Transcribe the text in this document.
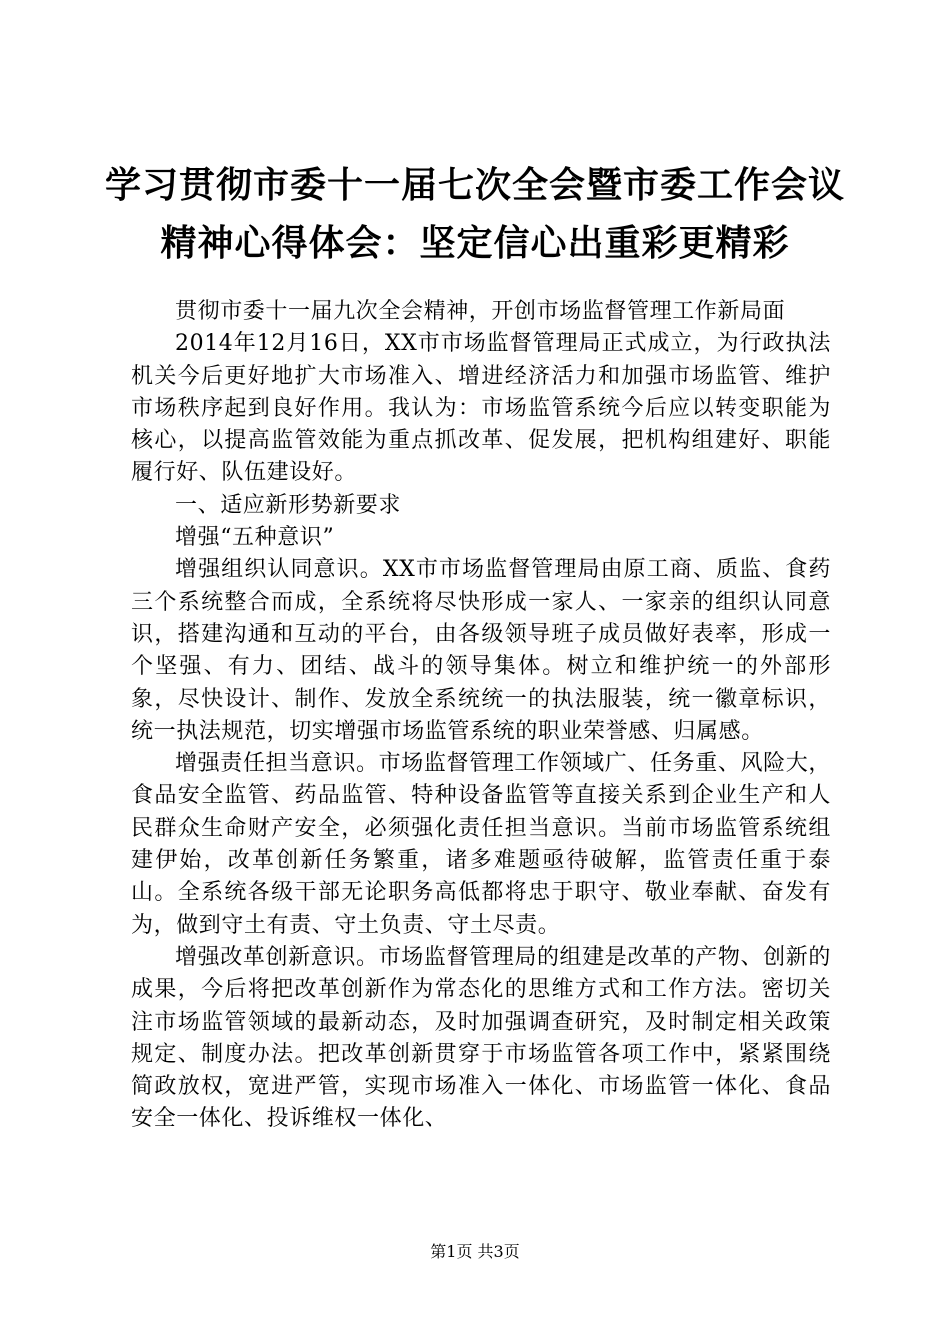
学习贯彻市委十一届七次全会暨市委工作会议
精神心得体会：坚定信心出重彩更精彩

贯彻市委十一届九次全会精神，开创市场监督管理工作新局面

2014年12月16日，XX市市场监督管理局正式成立，为行政执法机关今后更好地扩大市场准入、增进经济活力和加强市场监管、维护市场秩序起到良好作用。我认为：市场监管系统今后应以转变职能为核心，以提高监管效能为重点抓改革、促发展，把机构组建好、职能履行好、队伍建设好。

一、适应新形势新要求

增强“五种意识”

增强组织认同意识。XX市市场监督管理局由原工商、质监、食药三个系统整合而成，全系统将尽快形成一家人、一家亲的组织认同意识，搭建沟通和互动的平台，由各级领导班子成员做好表率，形成一个坚强、有力、团结、战斗的领导集体。树立和维护统一的外部形象，尽快设计、制作、发放全系统统一的执法服装，统一徽章标识，统一执法规范，切实增强市场监管系统的职业荣誉感、归属感。

增强责任担当意识。市场监督管理工作领域广、任务重、风险大，食品安全监管、药品监管、特种设备监管等直接关系到企业生产和人民群众生命财产安全，必须强化责任担当意识。当前市场监管系统组建伊始，改革创新任务繁重，诸多难题亟待破解，监管责任重于泰山。全系统各级干部无论职务高低都将忠于职守、敬业奉献、奋发有为，做到守土有责、守土负责、守土尽责。

增强改革创新意识。市场监督管理局的组建是改革的产物、创新的成果，今后将把改革创新作为常态化的思维方式和工作方法。密切关注市场监管领域的最新动态，及时加强调查研究，及时制定相关政策规定、制度办法。把改革创新贯穿于市场监管各项工作中，紧紧围绕简政放权，宽进严管，实现市场准入一体化、市场监管一体化、食品安全一体化、投诉维权一体化、

第1页 共3页
